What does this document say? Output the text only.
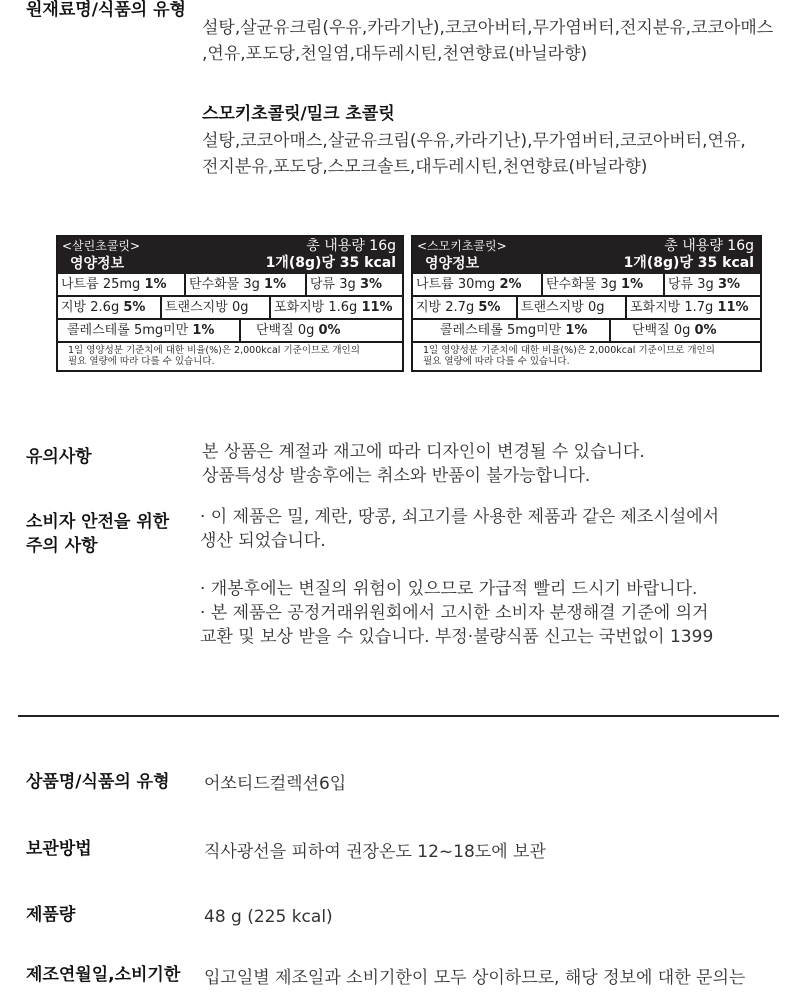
원재료명/식품의 유형
설탕,살균유크림(우유,카라기난),코코아버터,무가염버터,전지분유,코코아매스
,연유,포도당,천일염,대두레시틴,천연향료(바닐라향)
스모키초콜릿/밀크 초콜릿
설탕,코코아매스,살균유크림(우유,카라기난),무가염버터,코코아버터,연유,
전지분유,포도당,스모크솔트,대두레시틴,천연향료(바닐라향)
<살린초콜릿>
영양정보
총 내용량 16g
1개(8g)당 35 kcal
나트륨 25mg 1% 탄수화물 3g 1% 당류 3g 3%
지방 2.6g 5% 트랜스지방 0g 포화지방 1.6g 11%
콜레스테롤 5mg미만 1%	단백질 0g 0%
1일 영양성분 기준치에 대한 비율(%)은 2,000kcal 기준이므로 개인의
필요 열량에 따라 다를 수 있습니다.
<스모키초콜릿>
영양정보
총 내용량 16g
1개(8g)당 35 kcal
나트륨 30mg 2% 탄수화물 3g 1% 당류 3g 3%
지방 2.7g 5% 트랜스지방 0g 포화지방 1.7g 11%
콜레스테롤 5mg미만 1%	단백질 0g 0%
1일 영양성분 기준치에 대한 비율(%)은 2,000kcal 기준이므로 개인의
필요 열량에 따라 다를 수 있습니다.
유의사항	본 상품은 계절과 재고에 따라 디자인이 변경될 수 있습니다.
상품특성상 발송후에는 취소와 반품이 불가능합니다.
소비자 안전을 위한
주의 사항
· 이 제품은 밀, 계란, 땅콩, 쇠고기를 사용한 제품과 같은 제조시설에서
생산 되었습니다.
· 개봉후에는 변질의 위험이 있으므로 가급적 빨리 드시기 바랍니다.
· 본 제품은 공정거래위원회에서 고시한 소비자 분쟁해결 기준에 의거
교환 및 보상 받을 수 있습니다. 부정·불량식품 신고는 국번없이 1399
상품명/식품의 유형 어쏘티드컬렉션6입
보관방법	직사광선을 피하여 권장온도 12~18도에 보관
제품량	48 g (225 kcal)
제조연월일,소비기한 입고일별 제조일과 소비기한이 모두 상이하므로, 해당 정보에 대한 문의는
